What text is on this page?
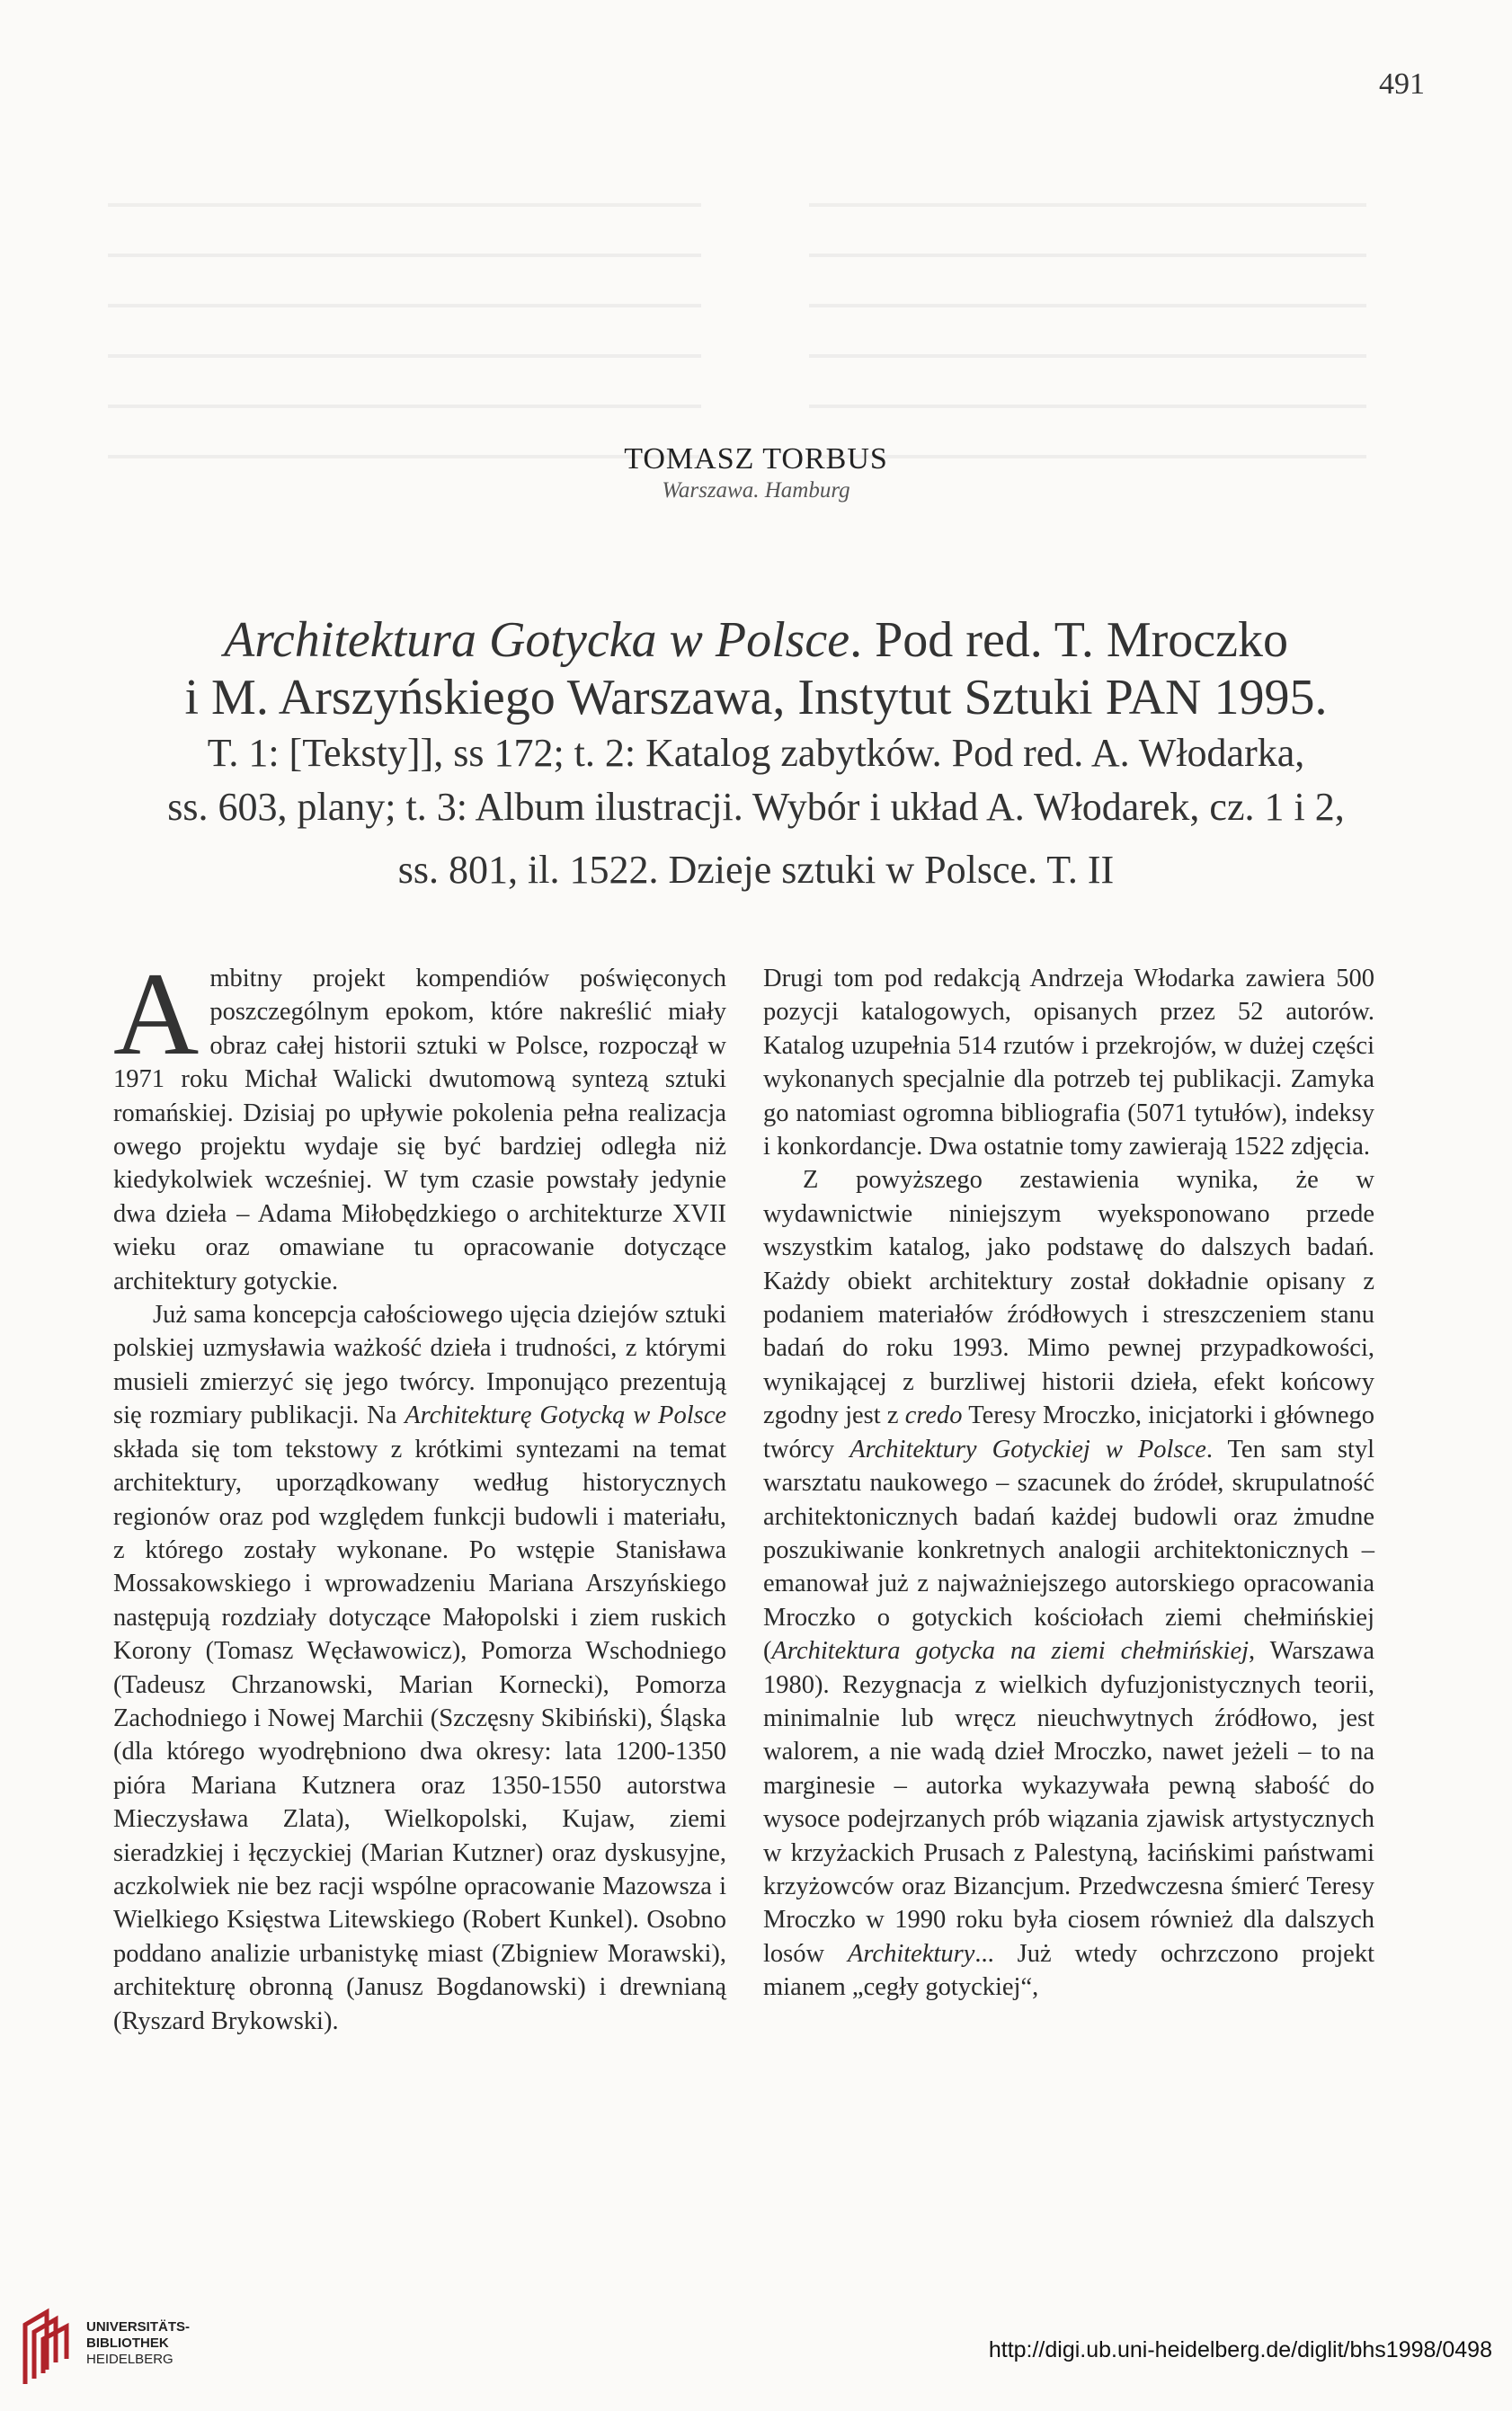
491
TOMASZ TORBUS
Warszawa. Hamburg
Architektura Gotycka w Polsce. Pod red. T. Mroczko
i M. Arszyńskiego Warszawa, Instytut Sztuki PAN 1995.
T. 1: [Teksty]], ss 172; t. 2: Katalog zabytków. Pod red. A. Włodarka,
ss. 603, plany; t. 3: Album ilustracji. Wybór i układ A. Włodarek, cz. 1 i 2,
ss. 801, il. 1522. Dzieje sztuki w Polsce. T. II

Ambitny projekt kompendiów poświęconych poszczególnym epokom, które nakreślić miały obraz całej historii sztuki w Polsce, rozpoczął w 1971 roku Michał Walicki dwutomową syntezą sztuki romańskiej. Dzisiaj po upływie pokolenia pełna realizacja owego projektu wydaje się być bardziej odległa niż kiedykolwiek wcześniej. W tym czasie powstały jedynie dwa dzieła – Adama Miłobędzkiego o architekturze XVII wieku oraz omawiane tu opracowanie dotyczące architektury gotyckie.

Już sama koncepcja całościowego ujęcia dziejów sztuki polskiej uzmysławia ważkość dzieła i trudności, z którymi musieli zmierzyć się jego twórcy. Imponująco prezentują się rozmiary publikacji. Na Architekturę Gotycką w Polsce składa się tom tekstowy z krótkimi syntezami na temat architektury, uporządkowany według historycznych regionów oraz pod względem funkcji budowli i materiału, z którego zostały wykonane. Po wstępie Stanisława Mossakowskiego i wprowadzeniu Mariana Arszyńskiego następują rozdziały dotyczące Małopolski i ziem ruskich Korony (Tomasz Węcławowicz), Pomorza Wschodniego (Tadeusz Chrzanowski, Marian Kornecki), Pomorza Zachodniego i Nowej Marchii (Szczęsny Skibiński), Śląska (dla którego wyodrębniono dwa okresy: lata 1200-1350 pióra Mariana Kutznera oraz 1350-1550 autorstwa Mieczysława Zlata), Wielkopolski, Kujaw, ziemi sieradzkiej i łęczyckiej (Marian Kutzner) oraz dyskusyjne, aczkolwiek nie bez racji wspólne opracowanie Mazowsza i Wielkiego Księstwa Litewskiego (Robert Kunkel). Osobno poddano analizie urbanistykę miast (Zbigniew Morawski), architekturę obronną (Janusz Bogdanowski) i drewnianą (Ryszard Brykowski).

Drugi tom pod redakcją Andrzeja Włodarka zawiera 500 pozycji katalogowych, opisanych przez 52 autorów. Katalog uzupełnia 514 rzutów i przekrojów, w dużej części wykonanych specjalnie dla potrzeb tej publikacji. Zamyka go natomiast ogromna bibliografia (5071 tytułów), indeksy i konkordancje. Dwa ostatnie tomy zawierają 1522 zdjęcia.

Z powyższego zestawienia wynika, że w wydawnictwie niniejszym wyeksponowano przede wszystkim katalog, jako podstawę do dalszych badań. Każdy obiekt architektury został dokładnie opisany z podaniem materiałów źródłowych i streszczeniem stanu badań do roku 1993. Mimo pewnej przypadkowości, wynikającej z burzliwej historii dzieła, efekt końcowy zgodny jest z credo Teresy Mroczko, inicjatorki i głównego twórcy Architektury Gotyckiej w Polsce. Ten sam styl warsztatu naukowego – szacunek do źródeł, skrupulatność architektonicznych badań każdej budowli oraz żmudne poszukiwanie konkretnych analogii architektonicznych – emanował już z najważniejszego autorskiego opracowania Mroczko o gotyckich kościołach ziemi chełmińskiej (Architektura gotycka na ziemi chełmińskiej, Warszawa 1980). Rezygnacja z wielkich dyfuzjonistycznych teorii, minimalnie lub wręcz nieuchwytnych źródłowo, jest walorem, a nie wadą dzieł Mroczko, nawet jeżeli – to na marginesie – autorka wykazywała pewną słabość do wysoce podejrzanych prób wiązania zjawisk artystycznych w krzyżackich Prusach z Palestyną, łacińskimi państwami krzyżowców oraz Bizancjum. Przedwczesna śmierć Teresy Mroczko w 1990 roku była ciosem również dla dalszych losów Architektury... Już wtedy ochrzczono projekt mianem „cegły gotyckiej“,

UNIVERSITÄTS-
BIBLIOTHEK
HEIDELBERG	http://digi.ub.uni-heidelberg.de/diglit/bhs1998/0498
